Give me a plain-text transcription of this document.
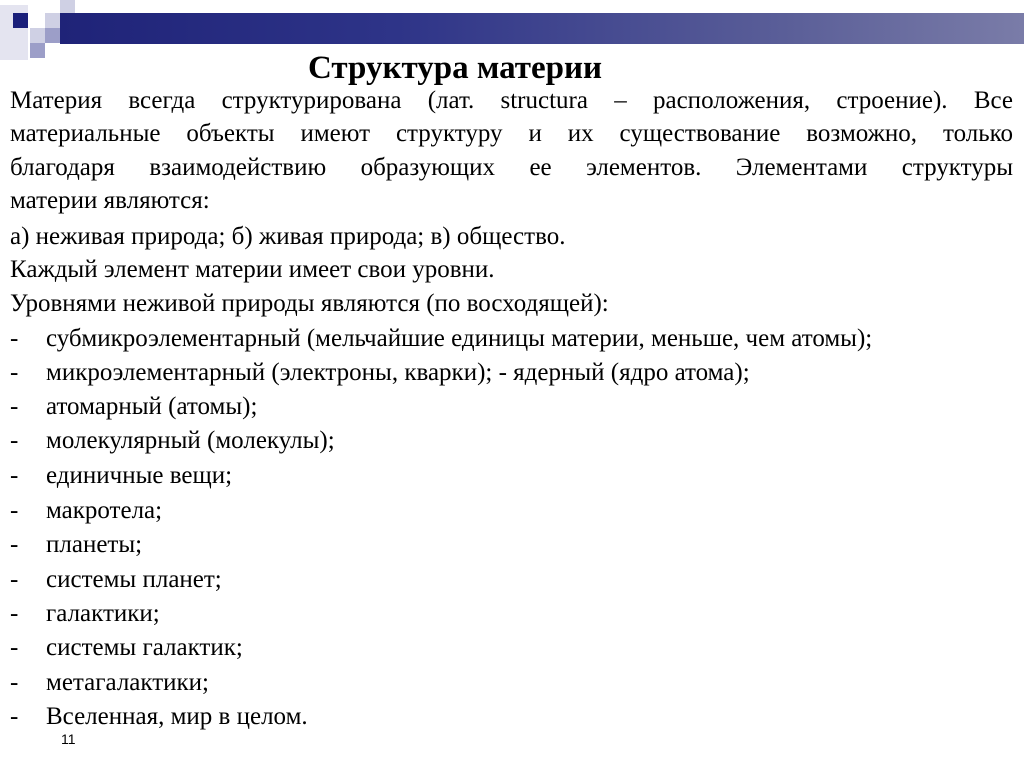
Структура материи
Материя всегда структурирована (лат. structura – расположения, строение). Все
материальные объекты имеют структуру и их существование возможно, только
благодаря взаимодействию образующих ее элементов. Элементами структуры
материи являются:
а) неживая природа; б) живая природа; в) общество.
Каждый элемент материи имеет свои уровни.
Уровнями неживой природы являются (по восходящей):
- субмикроэлементарный (мельчайшие единицы материи, меньше, чем атомы);
- микроэлементарный (электроны, кварки); - ядерный (ядро атома);
- атомарный (атомы);
- молекулярный (молекулы);
- единичные вещи;
- макротела;
- планеты;
- системы планет;
- галактики;
- системы галактик;
- метагалактики;
- Вселенная, мир в целом.
11
